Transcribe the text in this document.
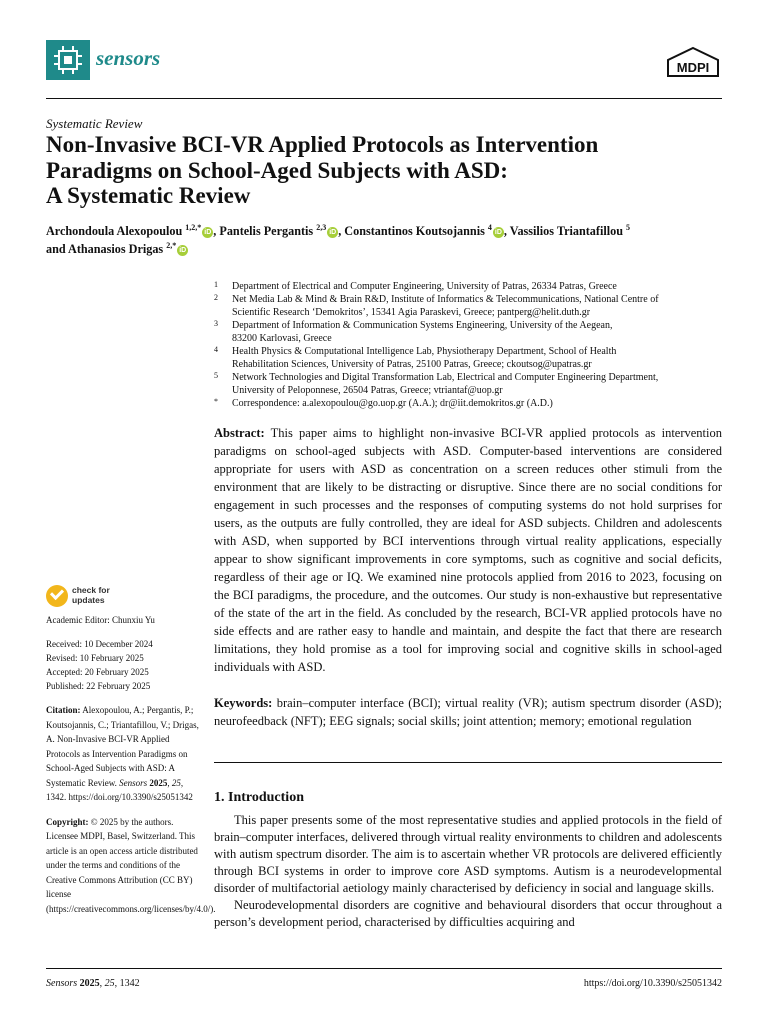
sensors	MDPI
Systematic Review
Non-Invasive BCI-VR Applied Protocols as Intervention
Paradigms on School-Aged Subjects with ASD:
A Systematic Review
Archondoula Alexopoulou $^{1,2,*}$iD , Pantelis Pergantis $^{2,3}$iD , Constantinos Koutsojannis $^4$iD , Vassilios Triantafillou $^5$
and Athanasios Drigas $^{2,*}$iD
1 Department of Electrical and Computer Engineering, University of Patras, 26334 Patras, Greece
2 Net Media Lab & Mind & Brain R&D, Institute of Informatics & Telecommunications, National Centre of
Scientific Research ‘Demokritos’, 15341 Agia Paraskevi, Greece; pantperg@helit.duth.gr
3 Department of Information & Communication Systems Engineering, University of the Aegean,
83200 Karlovasi, Greece
4 Health Physics & Computational Intelligence Lab, Physiotherapy Department, School of Health
Rehabilitation Sciences, University of Patras, 25100 Patras, Greece; ckoutsog@upatras.gr
5 Network Technologies and Digital Transformation Lab, Electrical and Computer Engineering Department,
University of Peloponnese, 26504 Patras, Greece; vtriantaf@uop.gr
* Correspondence: a.alexopoulou@go.uop.gr (A.A.); dr@iit.demokritos.gr (A.D.)
Abstract: This paper aims to highlight non-invasive BCI-VR applied protocols as intervention paradigms on school-aged subjects with ASD. Computer-based interventions are considered appropriate for users with ASD as concentration on a screen reduces other stimuli from the environment that are likely to be distracting or disruptive. Since there are no social conditions for engagement in such processes and the responses of computing systems do not hold surprises for users, as the outputs are fully controlled, they are ideal for ASD subjects. Children and adolescents with ASD, when supported by BCI interventions through virtual reality applications, especially appear to show significant improvements in core symptoms, such as cognitive and social deficits, regardless of their age or IQ. We examined nine protocols applied from 2016 to 2023, focusing on the BCI paradigms, the procedure, and the outcomes. Our study is non-exhaustive but representative of the state of the art in the field. As concluded by the research, BCI-VR applied protocols have no side effects and are rather easy to handle and maintain, and despite the fact that there are research limitations, they hold promise as a tool for improving social and cognitive skills in school-aged individuals with ASD.
Keywords: brain–computer interface (BCI); virtual reality (VR); autism spectrum disorder (ASD); neurofeedback (NFT); EEG signals; social skills; joint attention; memory; emotional regulation
1. Introduction

This paper presents some of the most representative studies and applied protocols in the field of brain–computer interfaces, delivered through virtual reality environments to children and adolescents with autism spectrum disorder. The aim is to ascertain whether VR protocols are delivered efficiently through BCI systems in order to improve core ASD symptoms. Autism is a neurodevelopmental disorder of multifactorial aetiology mainly characterised by deficiency in social and language skills.

Neurodevelopmental disorders are cognitive and behavioural disorders that occur throughout a person’s development period, characterised by difficulties acquiring and

check for
updates

Academic Editor: Chunxiu Yu

Received: 10 December 2024

Revised: 10 February 2025

Accepted: 20 February 2025

Published: 22 February 2025

Citation: Alexopoulou, A.; Pergantis, P.; Koutsojannis, C.; Triantafillou, V.; Drigas, A. Non-Invasive BCI-VR Applied Protocols as Intervention Paradigms on School-Aged Subjects with ASD: A Systematic Review. Sensors 2025, 25, 1342. https://doi.org/10.3390/s25051342

Copyright: © 2025 by the authors. Licensee MDPI, Basel, Switzerland. This article is an open access article distributed under the terms and conditions of the Creative Commons Attribution (CC BY) license (https://creativecommons.org/licenses/by/4.0/).

Sensors 2025, 25, 1342	https://doi.org/10.3390/s25051342
